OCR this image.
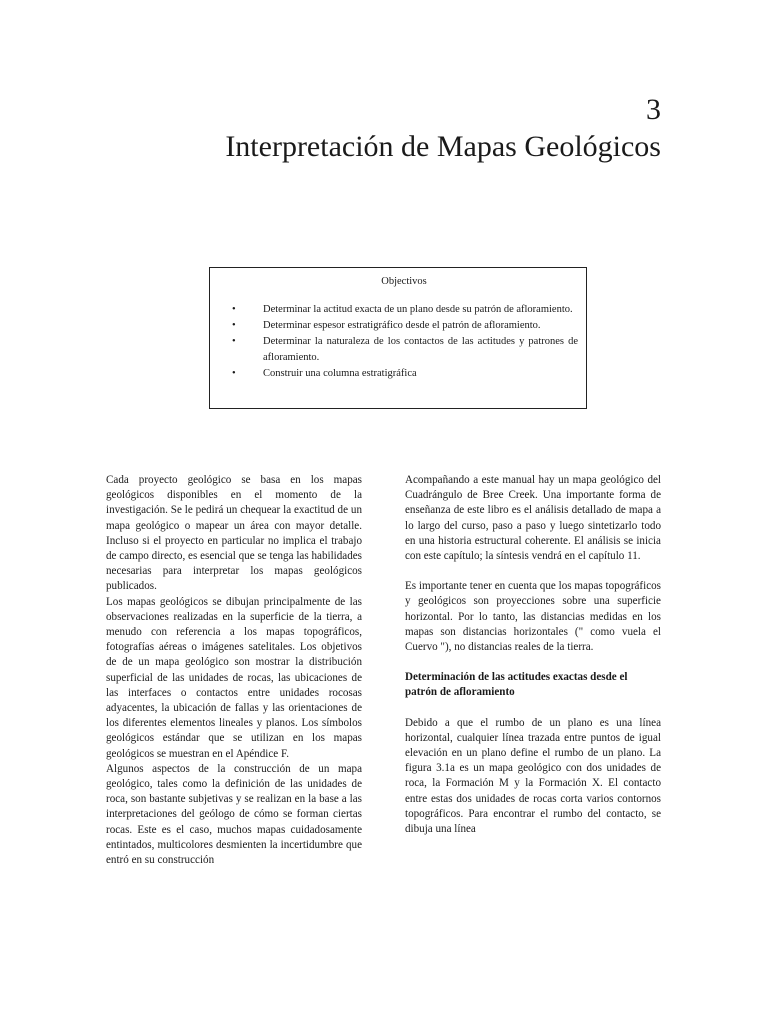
3
Interpretación de Mapas Geológicos

Objectivos

• Determinar la actitud exacta de un plano desde su patrón de afloramiento.
• Determinar espesor estratigráfico desde el patrón de afloramiento.
• Determinar la naturaleza de los contactos de las actitudes y patrones de afloramiento.
• Construir una columna estratigráfica

Cada proyecto geológico se basa en los mapas geológicos disponibles en el momento de la investigación. Se le pedirá un chequear la exactitud de un mapa geológico o mapear un área con mayor detalle. Incluso si el proyecto en particular no implica el trabajo de campo directo, es esencial que se tenga las habilidades necesarias para interpretar los mapas geológicos publicados.

Los mapas geológicos se dibujan principalmente de las observaciones realizadas en la superficie de la tierra, a menudo con referencia a los mapas topográficos, fotografías aéreas o imágenes satelitales. Los objetivos de de un mapa geológico son mostrar la distribución superficial de las unidades de rocas, las ubicaciones de las interfaces o contactos entre unidades rocosas adyacentes, la ubicación de fallas y las orientaciones de los diferentes elementos lineales y planos. Los símbolos geológicos estándar que se utilizan en los mapas geológicos se muestran en el Apéndice F.

Algunos aspectos de la construcción de un mapa geológico, tales como la definición de las unidades de roca, son bastante subjetivas y se realizan en la base a las interpretaciones del geólogo de cómo se forman ciertas rocas. Este es el caso, muchos mapas cuidadosamente entintados, multicolores desmienten la incertidumbre que entró en su construcción

Acompañando a este manual hay un mapa geológico del Cuadrángulo de Bree Creek. Una importante forma de enseñanza de este libro es el análisis detallado de mapa a lo largo del curso, paso a paso y luego sintetizarlo todo en una historia estructural coherente. El análisis se inicia con este capítulo; la síntesis vendrá en el capítulo 11.

Es importante tener en cuenta que los mapas topográficos y geológicos son proyecciones sobre una superficie horizontal. Por lo tanto, las distancias medidas en los mapas son distancias horizontales (" como vuela el Cuervo "), no distancias reales de la tierra.

Determinación de las actitudes exactas desde el patrón de afloramiento

Debido a que el rumbo de un plano es una línea horizontal, cualquier línea trazada entre puntos de igual elevación en un plano define el rumbo de un plano. La figura 3.1a es un mapa geológico con dos unidades de roca, la Formación M y la Formación X. El contacto entre estas dos unidades de rocas corta varios contornos topográficos. Para encontrar el rumbo del contacto, se dibuja una línea
